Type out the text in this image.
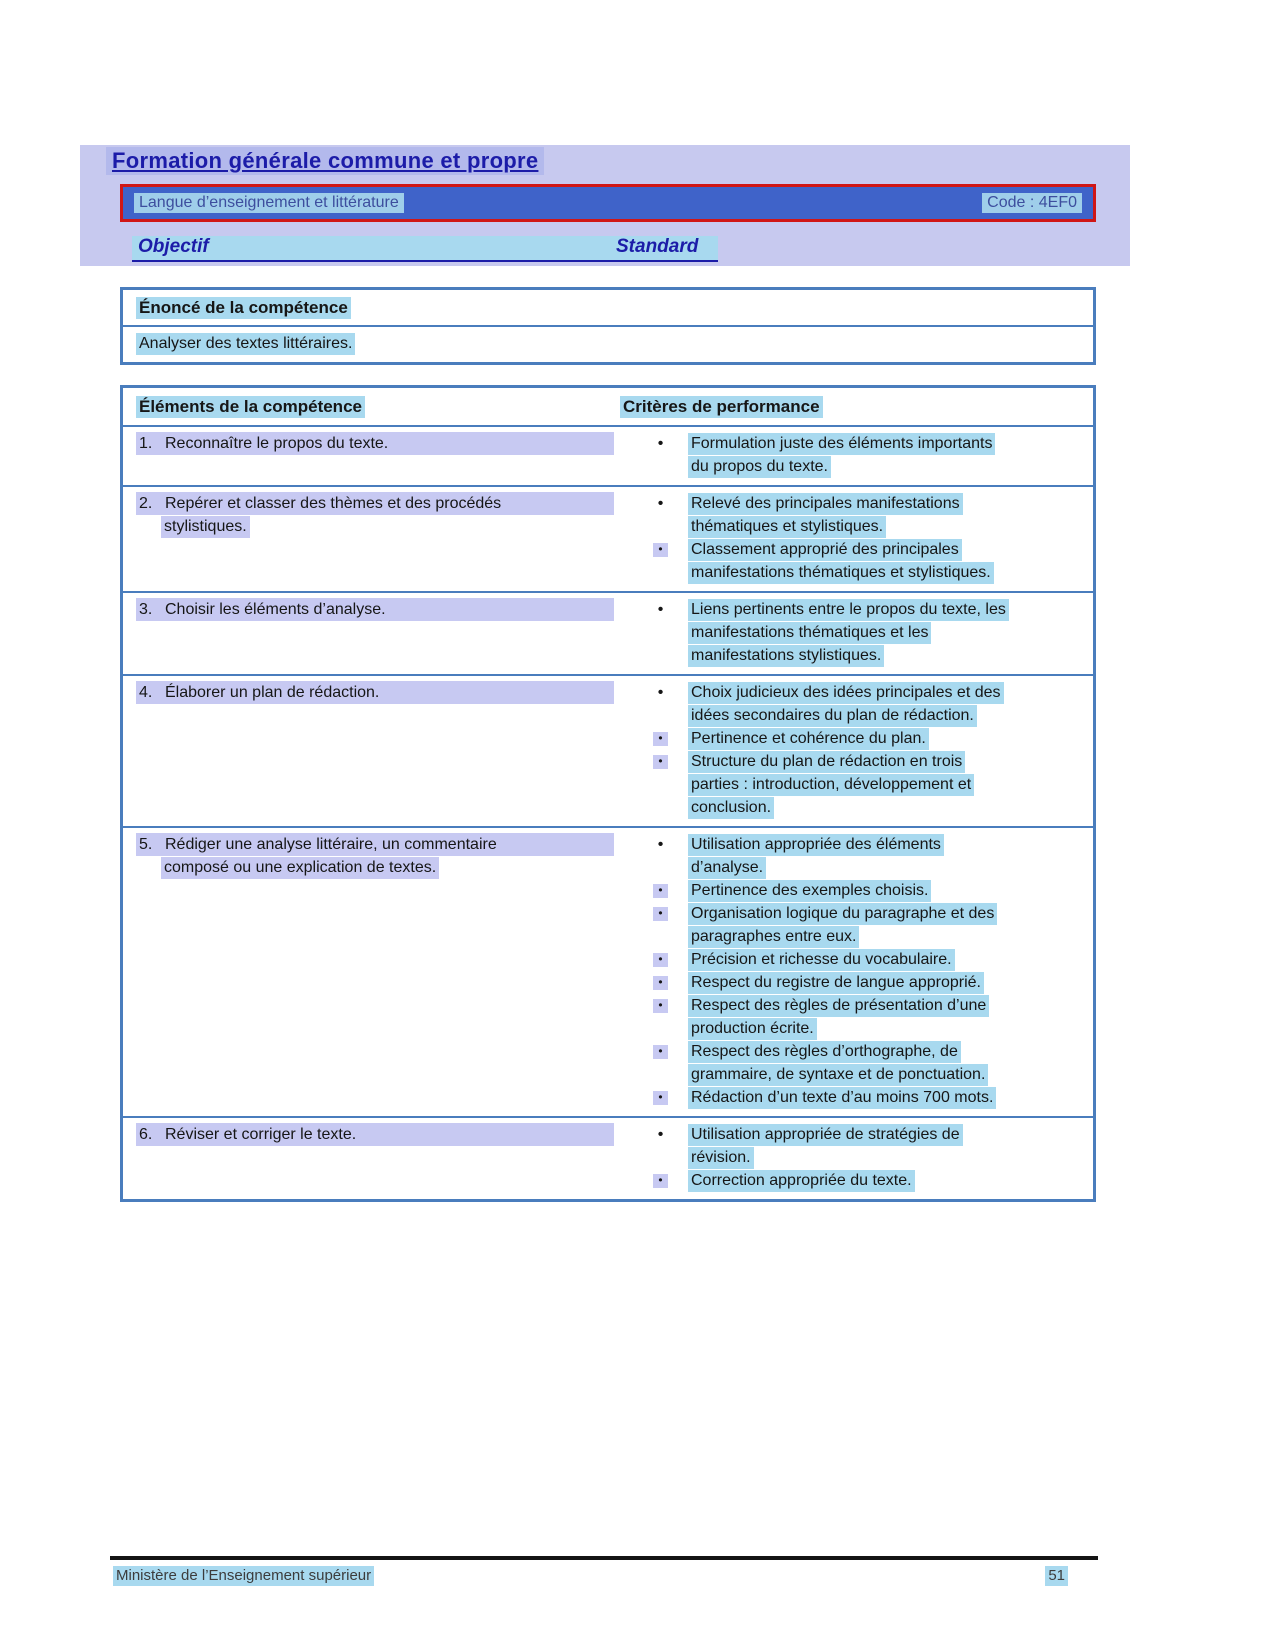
Formation générale commune et propre
Langue d’enseignement et littérature	Code : 4EF0
Objectif	Standard
Énoncé de la compétence
Analyser des textes littéraires.
Éléments de la compétence	Critères de performance
1. Reconnaître le propos du texte.	• Formulation juste des éléments importants
du propos du texte.
2. Repérer et classer des thèmes et des procédés
stylistiques.
• Relevé des principales manifestations
thématiques et stylistiques.
•	Classement approprié des principales
manifestations thématiques et stylistiques.
3. Choisir les éléments d’analyse.	• Liens pertinents entre le propos du texte, les
manifestations thématiques et les
manifestations stylistiques.
4. Élaborer un plan de rédaction.	• Choix judicieux des idées principales et des
idées secondaires du plan de rédaction.
•	Pertinence et cohérence du plan.
•	Structure du plan de rédaction en trois
parties : introduction, développement et
conclusion.
5. Rédiger une analyse littéraire, un commentaire
composé ou une explication de textes.
• Utilisation appropriée des éléments
d’analyse.
•	Pertinence des exemples choisis.
•	Organisation logique du paragraphe et des
paragraphes entre eux.
•	Précision et richesse du vocabulaire.
•	Respect du registre de langue approprié.
•	Respect des règles de présentation d’une
production écrite.
•	Respect des règles d’orthographe, de
grammaire, de syntaxe et de ponctuation.
•	Rédaction d’un texte d’au moins 700 mots.
6. Réviser et corriger le texte.	• Utilisation appropriée de stratégies de
révision.
•	Correction appropriée du texte.
Ministère de l’Enseignement supérieur	51
